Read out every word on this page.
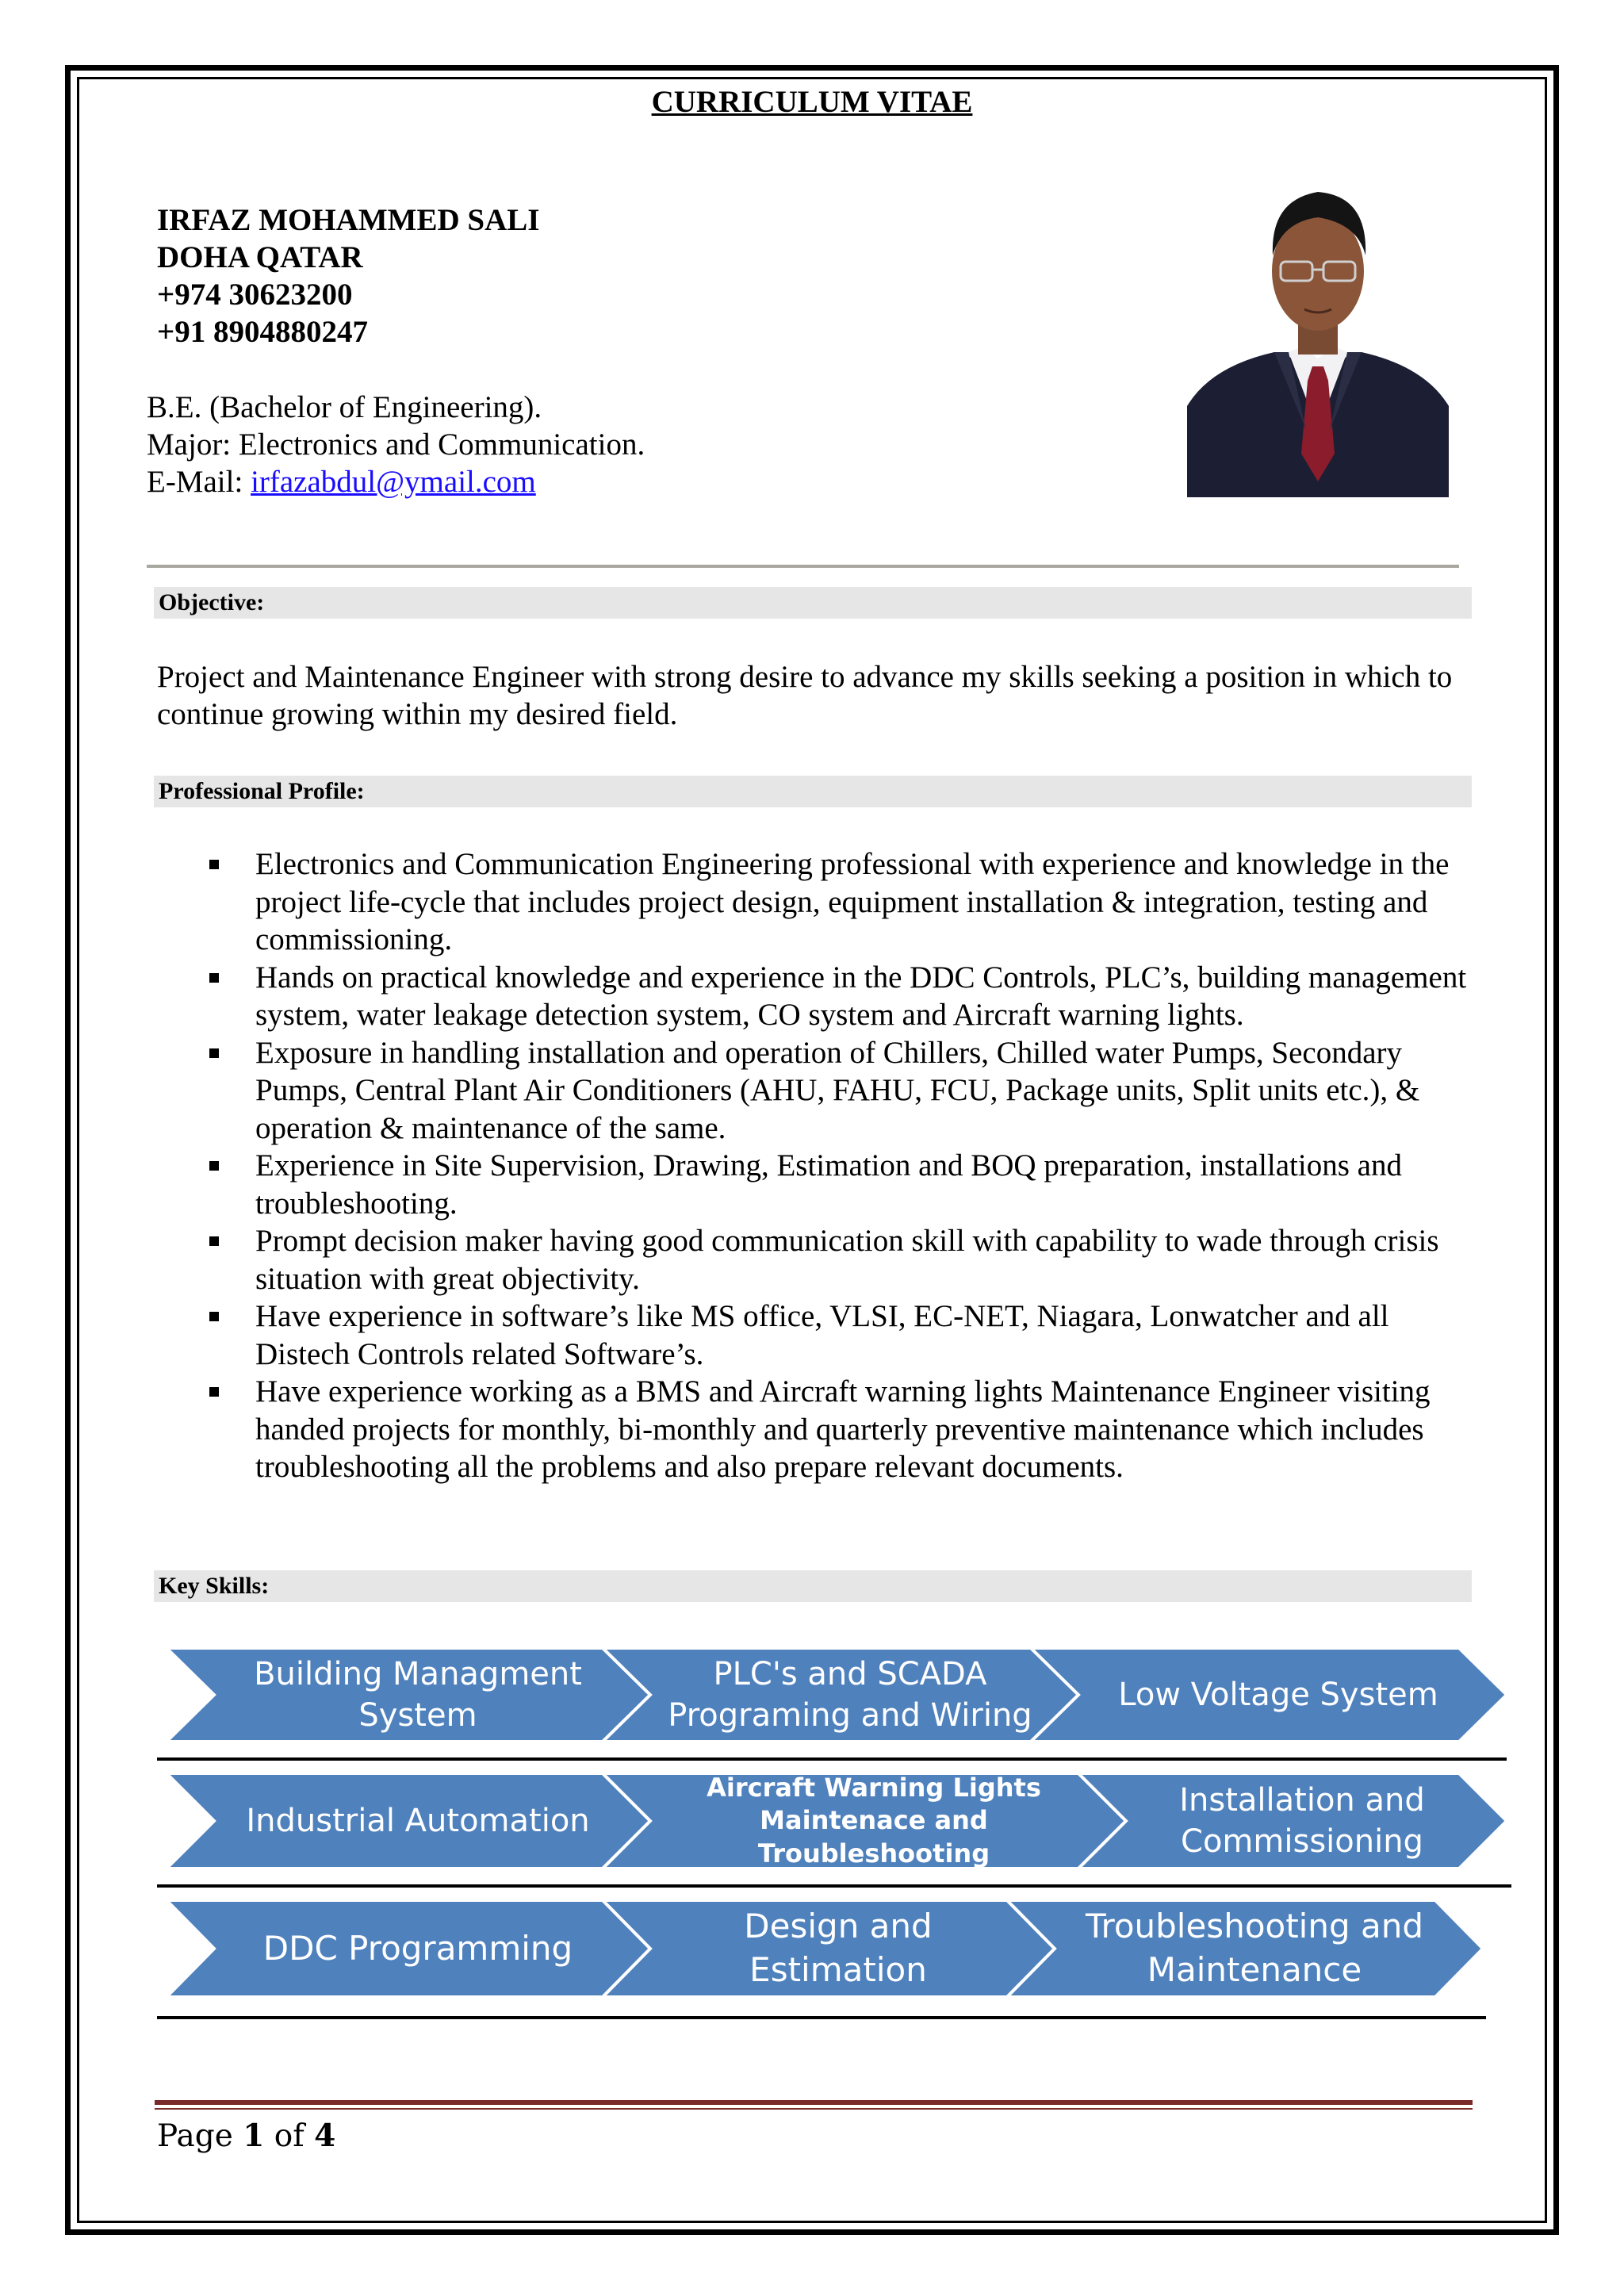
CURRICULUM VITAE
IRFAZ MOHAMMED SALI
DOHA QATAR
+974 30623200
+91 8904880247
B.E. (Bachelor of Engineering).
Major: Electronics and Communication.
E-Mail: irfazabdul@ymail.com
Objective:
Project and Maintenance Engineer with strong desire to advance my skills seeking a position in which to continue growing within my desired field.
Professional Profile:
Electronics and Communication Engineering professional with experience and knowledge in the project life-cycle that includes project design, equipment installation & integration, testing and commissioning.
Hands on practical knowledge and experience in the DDC Controls, PLC’s, building management system, water leakage detection system, CO system and Aircraft warning lights.
Exposure in handling installation and operation of Chillers, Chilled water Pumps, Secondary Pumps, Central Plant Air Conditioners (AHU, FAHU, FCU, Package units, Split units etc.), & operation & maintenance of the same.
Experience in Site Supervision, Drawing, Estimation and BOQ preparation, installations and troubleshooting.
Prompt decision maker having good communication skill with capability to wade through crisis situation with great objectivity.
Have experience in software’s like MS office, VLSI, EC-NET, Niagara, Lonwatcher and all Distech Controls related Software’s.
Have experience working as a BMS and Aircraft warning lights Maintenance Engineer visiting handed projects for monthly, bi-monthly and quarterly preventive maintenance which includes troubleshooting all the problems and also prepare relevant documents.
Key Skills:
Building Managment
System
PLC's and SCADA
Programing and Wiring
Low Voltage System
Industrial Automation
Aircraft Warning Lights
Maintenace and Troubleshooting
Installation and
Commissioning
DDC Programming
Design and
Estimation
Troubleshooting and
Maintenance
Page 1 of 4
